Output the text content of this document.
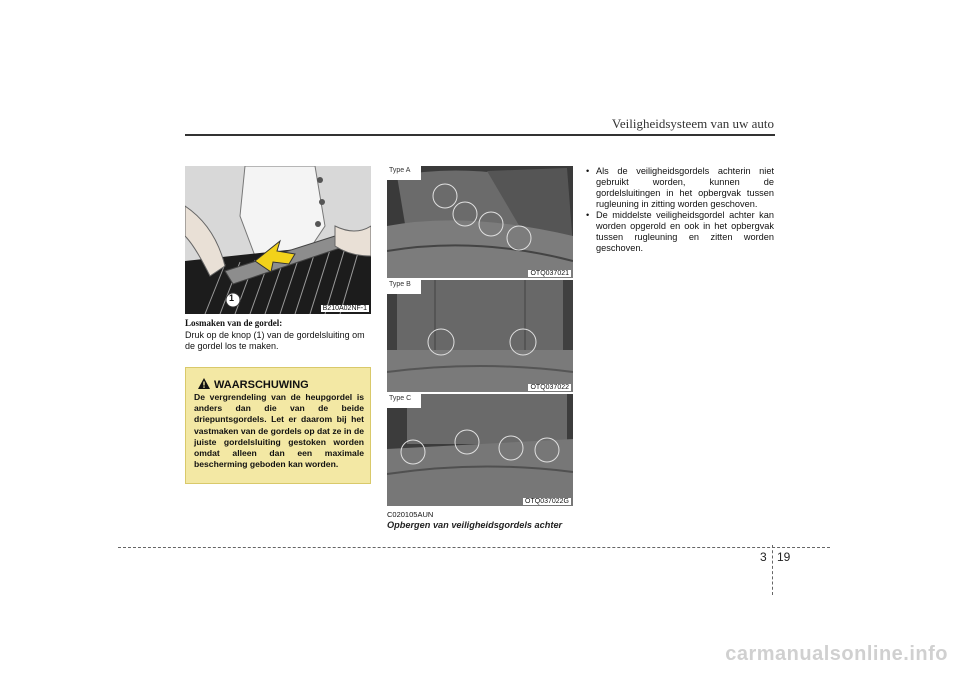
Veiligheidsysteem van uw auto
1
B210A02NF-1
Losmaken van de gordel:
Druk op de knop (1) van de gordelsluiting om de gordel los te maken.
WAARSCHUWING
De vergrendeling van de heupgordel is anders dan die van de beide driepuntsgordels. Let er daarom bij het vastmaken van de gordels op dat ze in de juiste gordelsluiting gestoken worden omdat alleen dan een maximale bescherming geboden kan worden.
Type A
OTQ037021
Type B
OTQ037022
Type C
OTQ037022G
C020105AUN
Opbergen van veiligheidsgordels achter
• Als de veiligheidsgordels achterin niet gebruikt worden, kunnen de gordelsluitingen in het opbergvak tussen rugleuning in zitting worden geschoven.
• De middelste veiligheidsgordel achter kan worden opgerold en ook in het opbergvak tussen rugleuning en zitten worden geschoven.
3 19
carmanualsonline.info
